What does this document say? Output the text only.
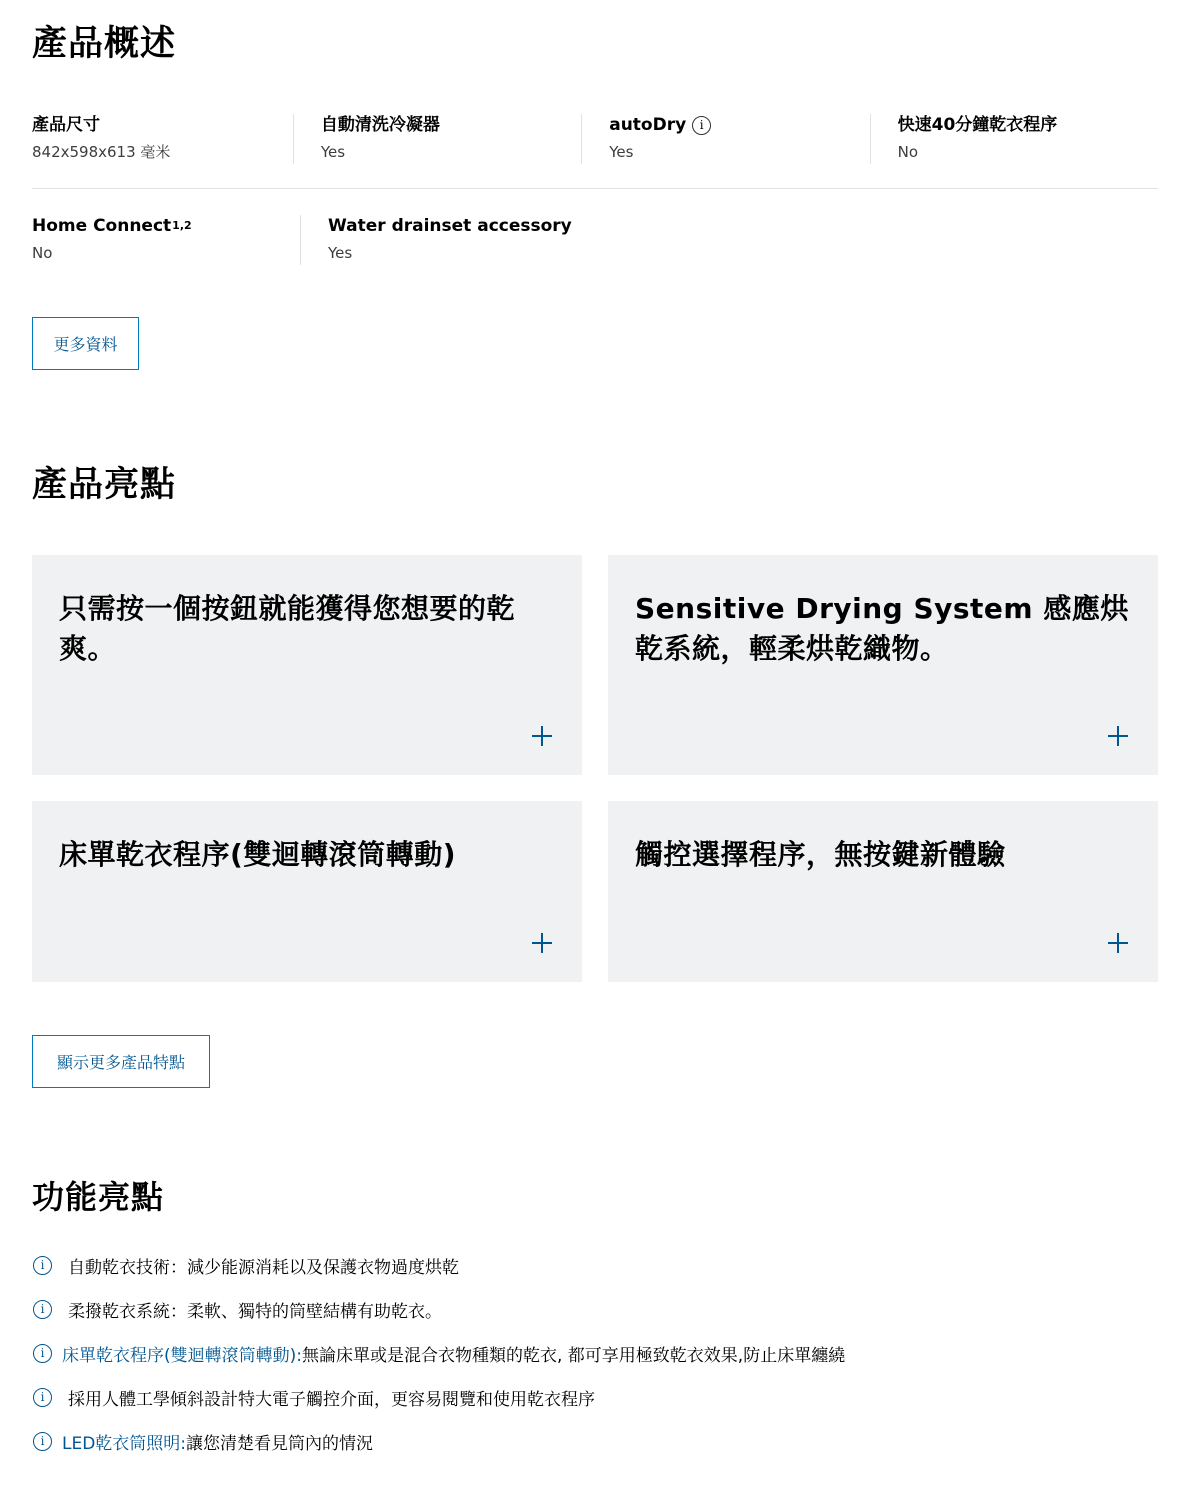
產品概述
產品尺寸
842x598x613 毫米
自動清洗冷凝器
Yes
autoDry	i
Yes
快速40分鐘乾衣程序
No
Home Connect 1,2
No
Water drainset accessory
Yes
更多資料
產品亮點
只需按一個按鈕就能獲得您想要的乾爽。
Sensitive Drying System 感應烘乾系統，輕柔烘乾織物。
床單乾衣程序(雙迴轉滾筒轉動)	觸控選擇程序，無按鍵新體驗
顯示更多產品特點
功能亮點
i	自動乾衣技術：減少能源消耗以及保護衣物過度烘乾
i	柔撥乾衣系統：柔軟、獨特的筒壁結構有助乾衣。
i	床單乾衣程序(雙迴轉滾筒轉動): 無論床單或是混合衣物種類的乾衣, 都可享用極致乾衣效果,防止床單纏繞
i	採用人體工學傾斜設計特大電子觸控介面，更容易閱覽和使用乾衣程序
i	LED乾衣筒照明: 讓您清楚看見筒內的情況
